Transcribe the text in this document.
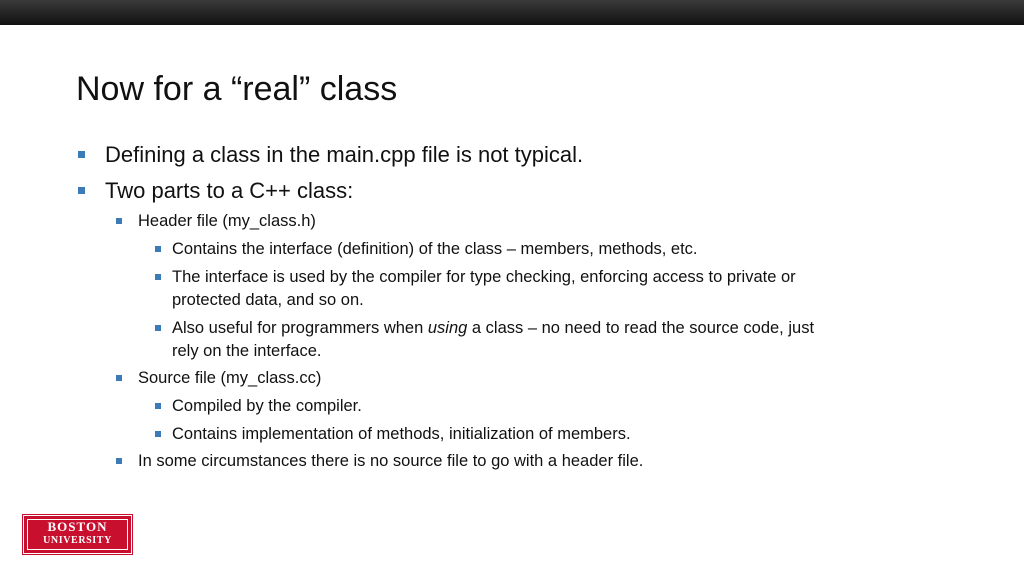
Now for a “real” class
Defining a class in the main.cpp file is not typical.
Two parts to a C++ class:
Header file (my_class.h)
Contains the interface (definition) of the class – members, methods, etc.
The interface is used by the compiler for type checking, enforcing access to private or
protected data, and so on.
Also useful for programmers when using a class – no need to read the source code, just
rely on the interface.
Source file (my_class.cc)
Compiled by the compiler.
Contains implementation of methods, initialization of members.
In some circumstances there is no source file to go with a header file.
BOSTON
UNIVERSITY
